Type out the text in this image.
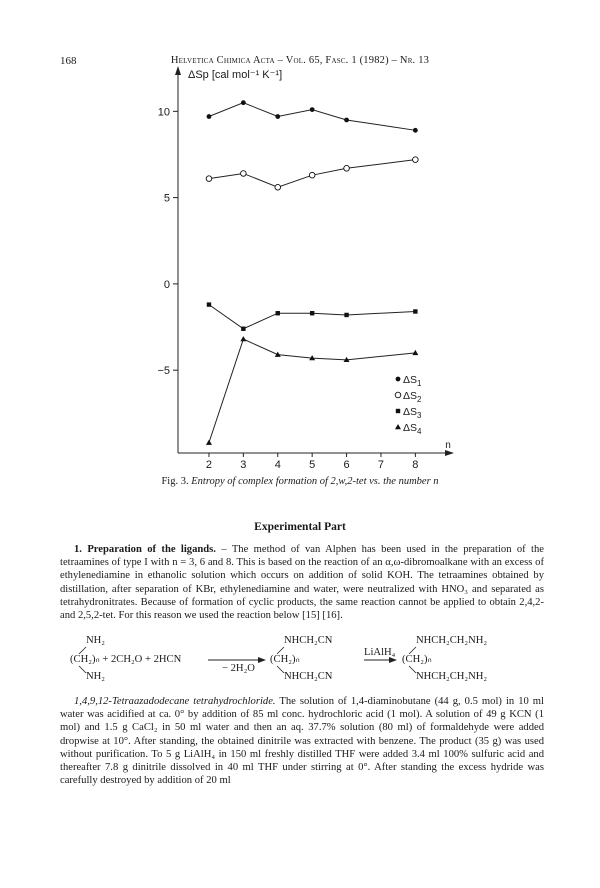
168	Helvetica Chimica Acta – Vol. 65, Fasc. 1 (1982) – Nr. 13
ΔSp [cal mol⁻¹ K⁻¹]
n
10
5
0
−5
2	3	4	5	6	7	8
$\Delta S_1$
$\Delta S_2$
$\Delta S_3$
$\Delta S_4$
Fig. 3. Entropy of complex formation of 2,w,2-tet vs. the number n
Experimental Part
1. Preparation of the ligands. – The method of van Alphen has been used in the preparation of the tetraamines of type I with n = 3, 6 and 8. This is based on the reaction of an α,ω-dibromoalkane with an excess of ethylenediamine in ethanolic solution which occurs on addition of solid KOH. The tetraamines obtained by distillation, after separation of KBr, ethylenediamine and water, were neutralized with HNO₃ and separated as tetrahydronitrates. Because of formation of cyclic products, the same reaction cannot be applied to obtain 2,4,2- and 2,5,2-tet. For this reason we used the reaction below [15] [16].
NH₂
(CH₂)ₙ + 2CH₂O + 2HCN
NH₂
− 2H₂O
NHCH₂CN
(CH₂)ₙ
NHCH₂CN
LiAlH₄
NHCH₂CH₂NH₂
(CH₂)ₙ
NHCH₂CH₂NH₂
1,4,9,12-Tetraazadodecane tetrahydrochloride. The solution of 1,4-diaminobutane (44 g, 0.5 mol) in 10 ml water was acidified at ca. 0° by addition of 85 ml conc. hydrochloric acid (1 mol). A solution of 49 g KCN (1 mol) and 1.5 g CaCl₂ in 50 ml water and then an aq. 37.7% solution (80 ml) of formaldehyde were added dropwise at 10°. After standing, the obtained dinitrile was extracted with benzene. The product (35 g) was used without purification. To 5 g LiAlH₄ in 150 ml freshly distilled THF were added 3.4 ml 100% sulfuric acid and thereafter 7.8 g dinitrile dissolved in 40 ml THF under stirring at 0°. After standing the excess hydride was carefully destroyed by addition of 20 ml
